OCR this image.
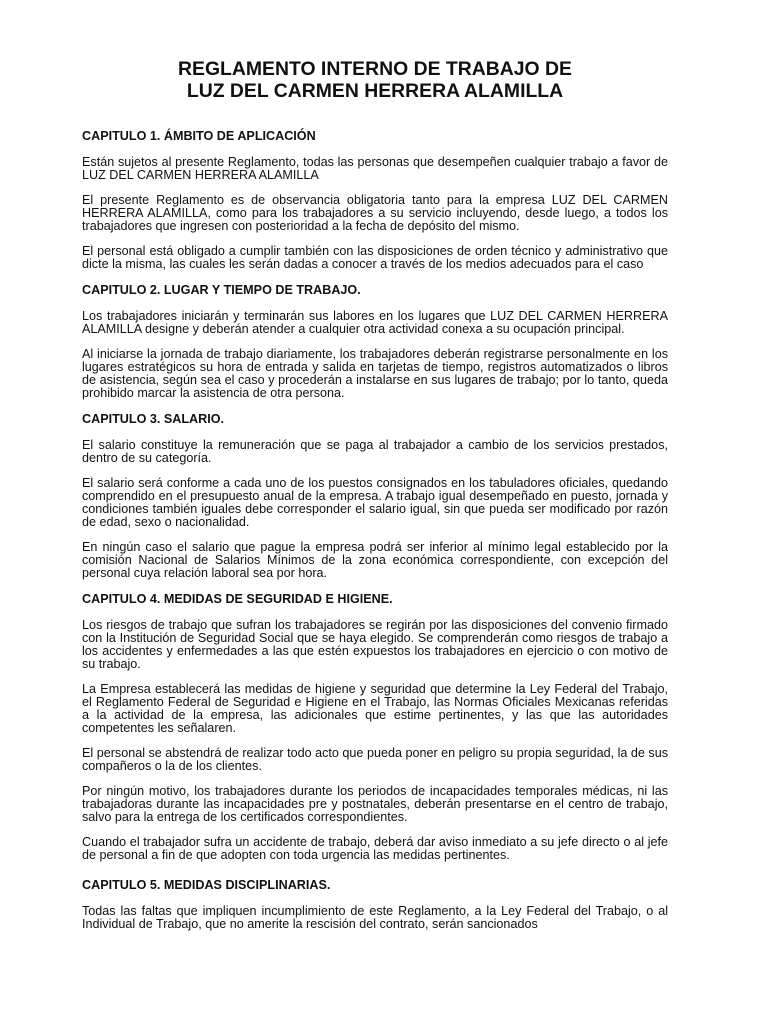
REGLAMENTO INTERNO DE TRABAJO DE
LUZ DEL CARMEN HERRERA ALAMILLA

CAPITULO 1. ÁMBITO DE APLICACIÓN

Están sujetos al presente Reglamento, todas las personas que desempeñen cualquier trabajo a favor de LUZ DEL CARMEN HERRERA ALAMILLA

El presente Reglamento es de observancia obligatoria tanto para la empresa LUZ DEL CARMEN HERRERA ALAMILLA, como para los trabajadores a su servicio incluyendo, desde luego, a todos los trabajadores que ingresen con posterioridad a la fecha de depósito del mismo.

El personal está obligado a cumplir también con las disposiciones de orden técnico y administrativo que dicte la misma, las cuales les serán dadas a conocer a través de los medios adecuados para el caso

CAPITULO 2. LUGAR Y TIEMPO DE TRABAJO.

Los trabajadores iniciarán y terminarán sus labores en los lugares que LUZ DEL CARMEN HERRERA ALAMILLA designe y deberán atender a cualquier otra actividad conexa a su ocupación principal.

Al iniciarse la jornada de trabajo diariamente, los trabajadores deberán registrarse personalmente en los lugares estratégicos su hora de entrada y salida en tarjetas de tiempo, registros automatizados o libros de asistencia, según sea el caso y procederán a instalarse en sus lugares de trabajo; por lo tanto, queda prohibido marcar la asistencia de otra persona.

CAPITULO 3. SALARIO.

El salario constituye la remuneración que se paga al trabajador a cambio de los servicios prestados, dentro de su categoría.

El salario será conforme a cada uno de los puestos consignados en los tabuladores oficiales, quedando comprendido en el presupuesto anual de la empresa. A trabajo igual desempeñado en puesto, jornada y condiciones también iguales debe corresponder el salario igual, sin que pueda ser modificado por razón de edad, sexo o nacionalidad.

En ningún caso el salario que pague la empresa podrá ser inferior al mínimo legal establecido por la comisión Nacional de Salarios Mínimos de la zona económica correspondiente, con excepción del personal cuya relación laboral sea por hora.

CAPITULO 4. MEDIDAS DE SEGURIDAD E HIGIENE.

Los riesgos de trabajo que sufran los trabajadores se regirán por las disposiciones del convenio firmado con la Institución de Seguridad Social que se haya elegido. Se comprenderán como riesgos de trabajo a los accidentes y enfermedades a las que estén expuestos los trabajadores en ejercicio o con motivo de su trabajo.

La Empresa establecerá las medidas de higiene y seguridad que determine la Ley Federal del Trabajo, el Reglamento Federal de Seguridad e Higiene en el Trabajo, las Normas Oficiales Mexicanas referidas a la actividad de la empresa, las adicionales que estime pertinentes, y las que las autoridades competentes les señalaren.

El personal se abstendrá de realizar todo acto que pueda poner en peligro su propia seguridad, la de sus compañeros o la de los clientes.

Por ningún motivo, los trabajadores durante los periodos de incapacidades temporales médicas, ni las trabajadoras durante las incapacidades pre y postnatales, deberán presentarse en el centro de trabajo, salvo para la entrega de los certificados correspondientes.

Cuando el trabajador sufra un accidente de trabajo, deberá dar aviso inmediato a su jefe directo o al jefe de personal a fin de que adopten con toda urgencia las medidas pertinentes.

CAPITULO 5. MEDIDAS DISCIPLINARIAS.

Todas las faltas que impliquen incumplimiento de este Reglamento, a la Ley Federal del Trabajo, o al Individual de Trabajo, que no amerite la rescisión del contrato, serán sancionados
